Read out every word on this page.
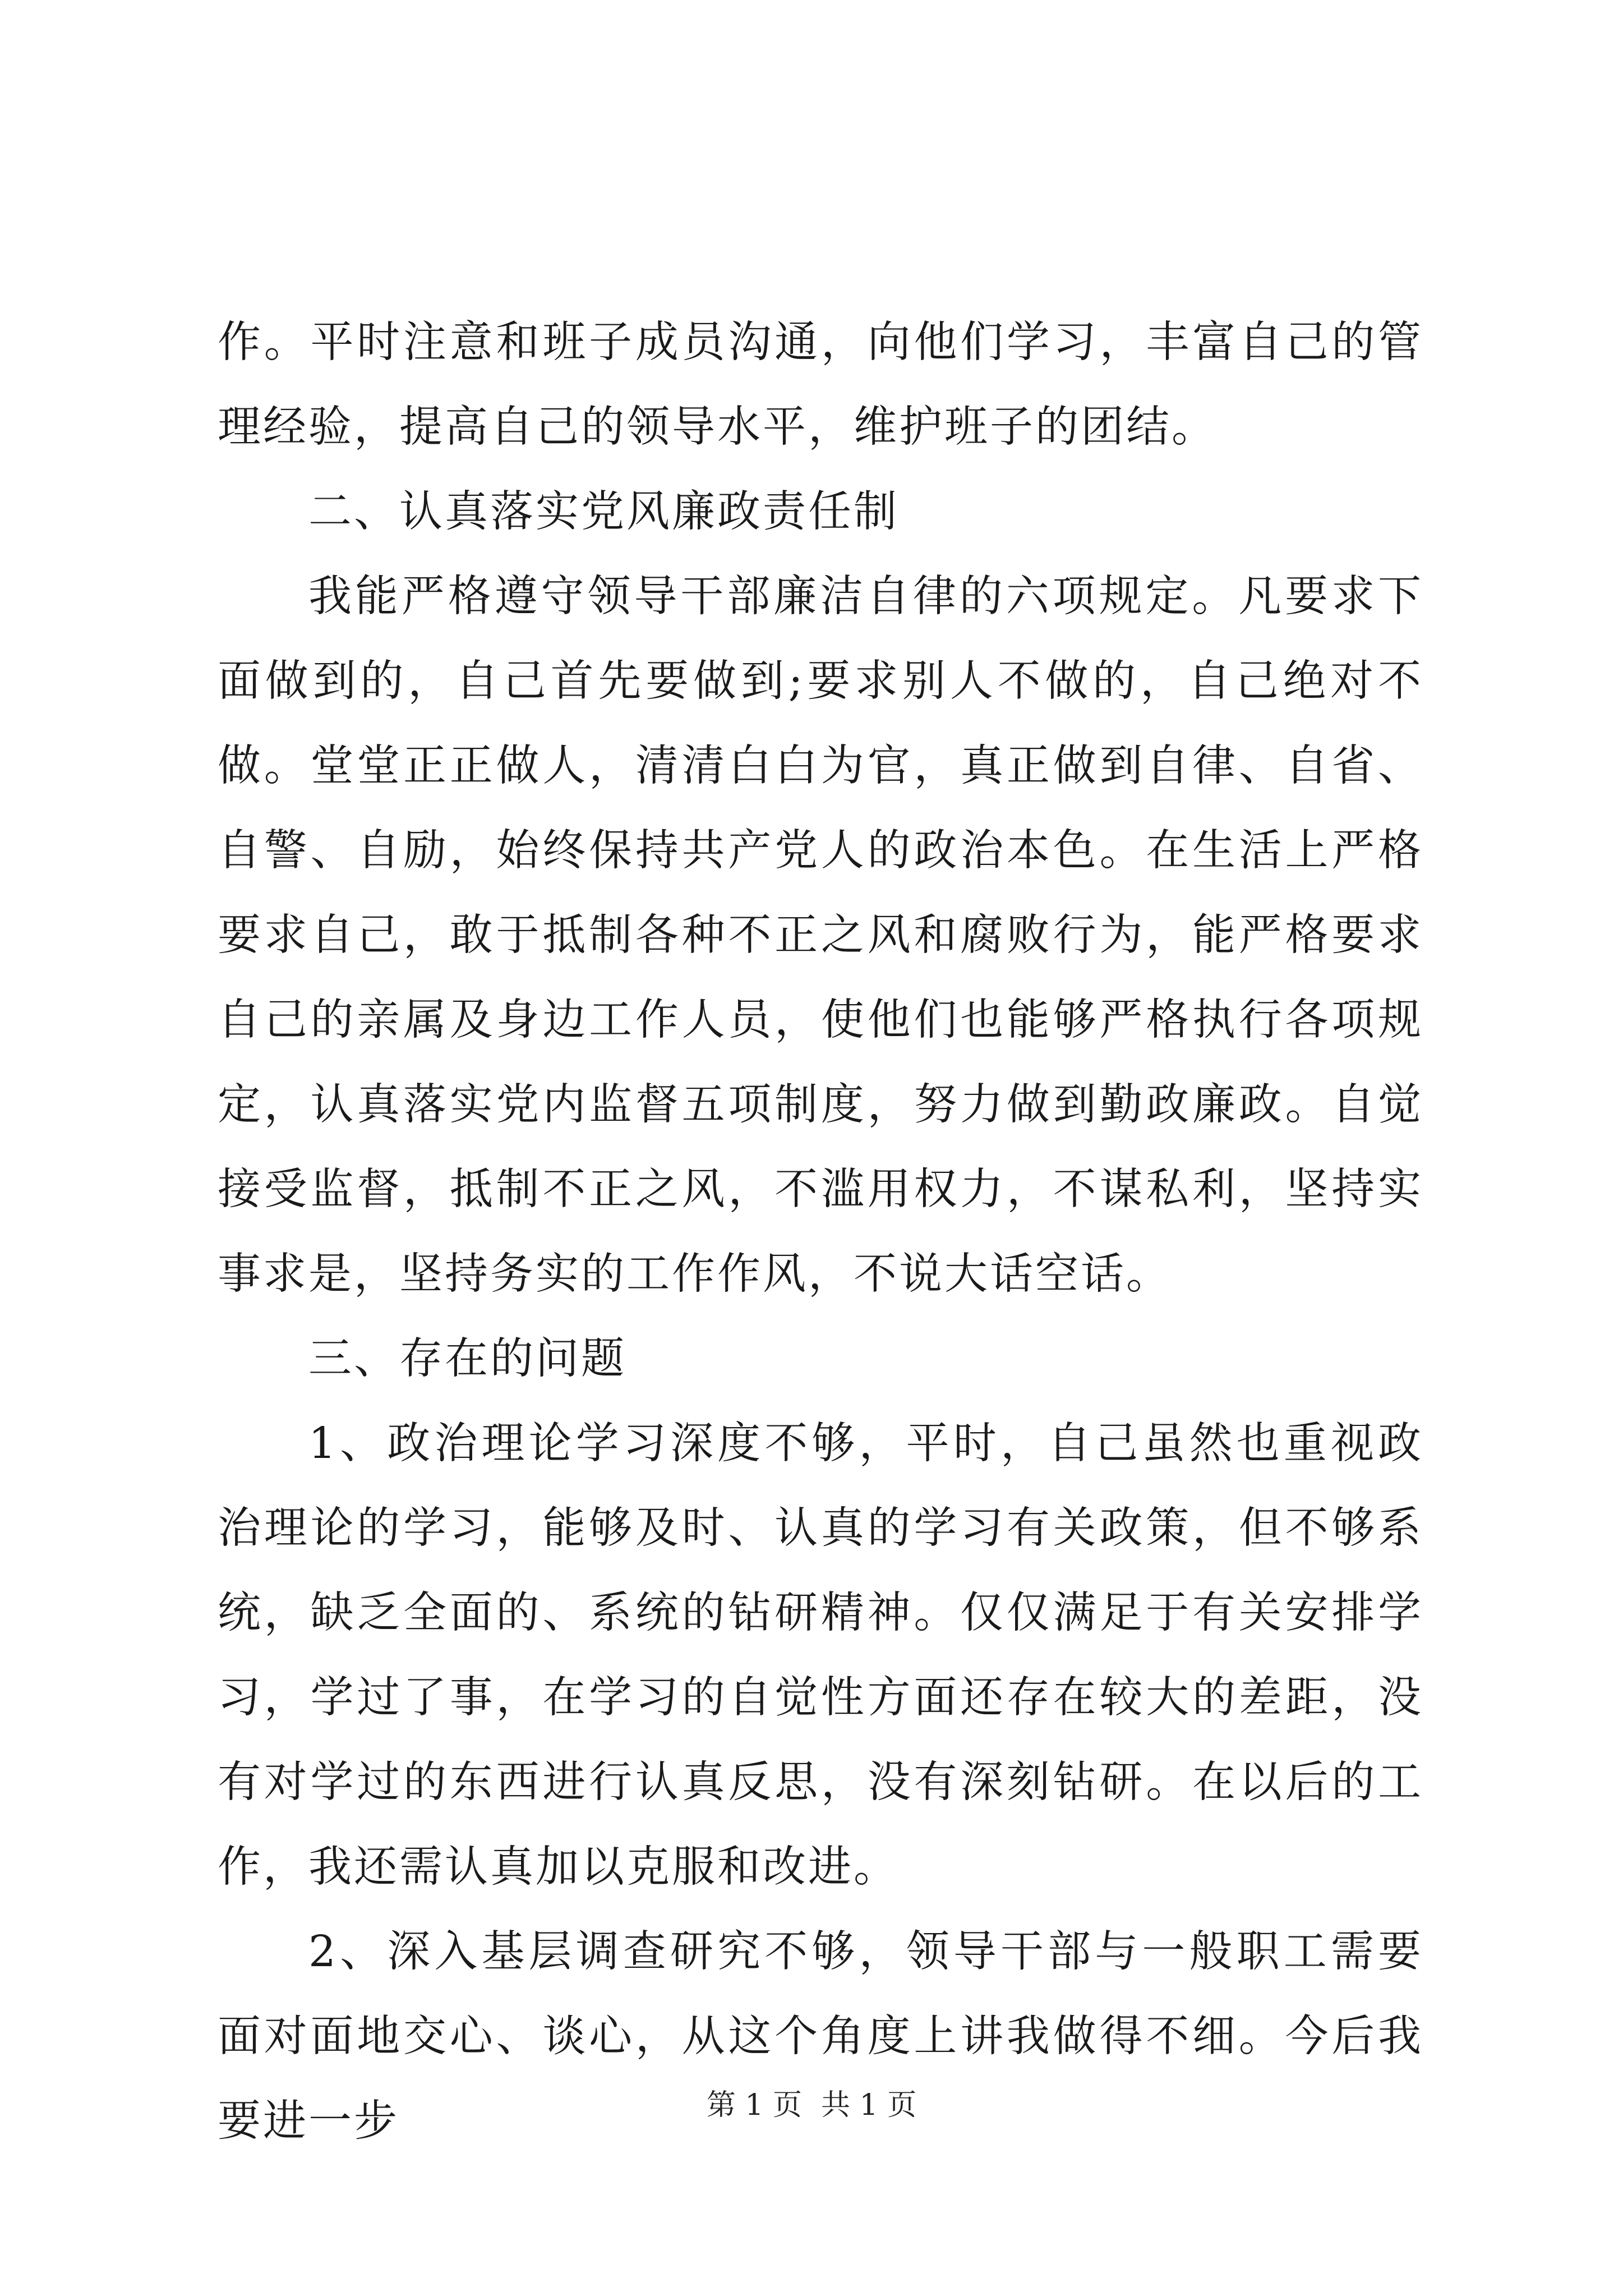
作。平时注意和班子成员沟通，向他们学习，丰富自己的管理经验，提高自己的领导水平，维护班子的团结。

二、认真落实党风廉政责任制

我能严格遵守领导干部廉洁自律的六项规定。凡要求下面做到的，自己首先要做到;要求别人不做的，自己绝对不做。堂堂正正做人，清清白白为官，真正做到自律、自省、自警、自励，始终保持共产党人的政治本色。在生活上严格要求自己，敢于抵制各种不正之风和腐败行为，能严格要求自己的亲属及身边工作人员，使他们也能够严格执行各项规定，认真落实党内监督五项制度，努力做到勤政廉政。自觉接受监督，抵制不正之风，不滥用权力，不谋私利，坚持实事求是，坚持务实的工作作风，不说大话空话。

三、存在的问题

1、政治理论学习深度不够，平时，自己虽然也重视政治理论的学习，能够及时、认真的学习有关政策，但不够系统，缺乏全面的、系统的钻研精神。仅仅满足于有关安排学习，学过了事，在学习的自觉性方面还存在较大的差距，没有对学过的东西进行认真反思，没有深刻钻研。在以后的工作，我还需认真加以克服和改进。

2、深入基层调查研究不够，领导干部与一般职工需要面对面地交心、谈心，从这个角度上讲我做得不细。今后我要进一步	第 1 页 共 1 页
